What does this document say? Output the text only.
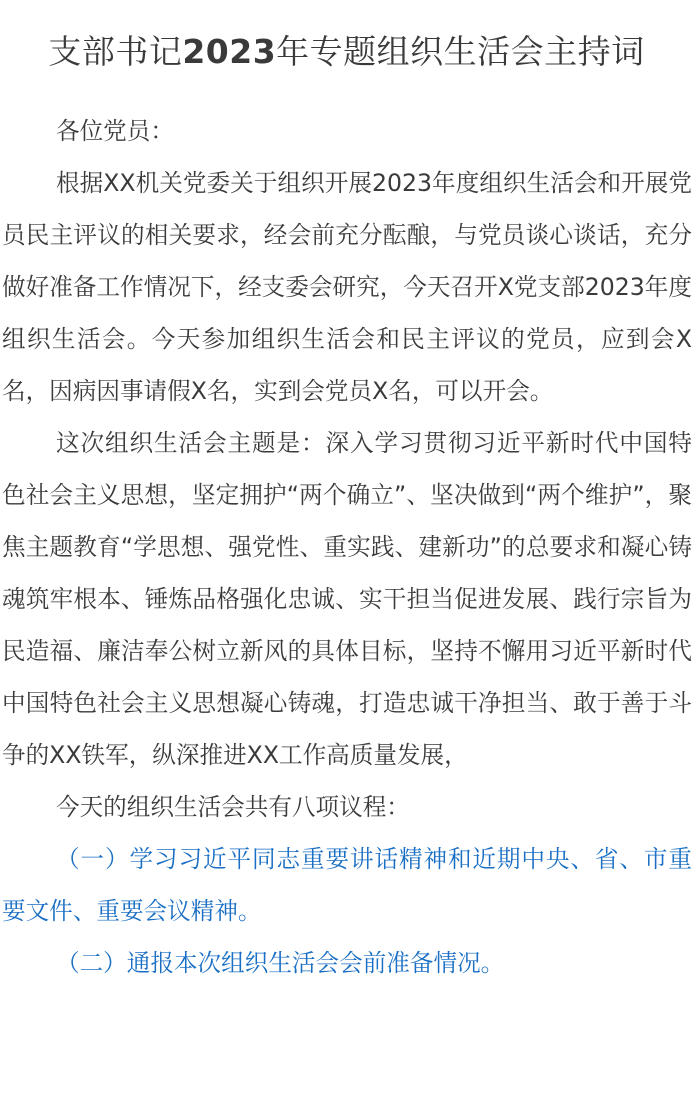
支部书记2023年专题组织生活会主持词

各位党员：

根据XX机关党委关于组织开展2023年度组织生活会和开展党员民主评议的相关要求，经会前充分酝酿，与党员谈心谈话，充分做好准备工作情况下，经支委会研究，今天召开X党支部2023年度组织生活会。今天参加组织生活会和民主评议的党员，应到会X名，因病因事请假X名，实到会党员X名，可以开会。

这次组织生活会主题是：深入学习贯彻习近平新时代中国特色社会主义思想，坚定拥护“两个确立”、坚决做到“两个维护”，聚焦主题教育“学思想、强党性、重实践、建新功”的总要求和凝心铸魂筑牢根本、锤炼品格强化忠诚、实干担当促进发展、践行宗旨为民造福、廉洁奉公树立新风的具体目标，坚持不懈用习近平新时代中国特色社会主义思想凝心铸魂，打造忠诚干净担当、敢于善于斗争的XX铁军，纵深推进XX工作高质量发展，

今天的组织生活会共有八项议程：

（一）学习习近平同志重要讲话精神和近期中央、省、市重要文件、重要会议精神。

（二）通报本次组织生活会会前准备情况。
